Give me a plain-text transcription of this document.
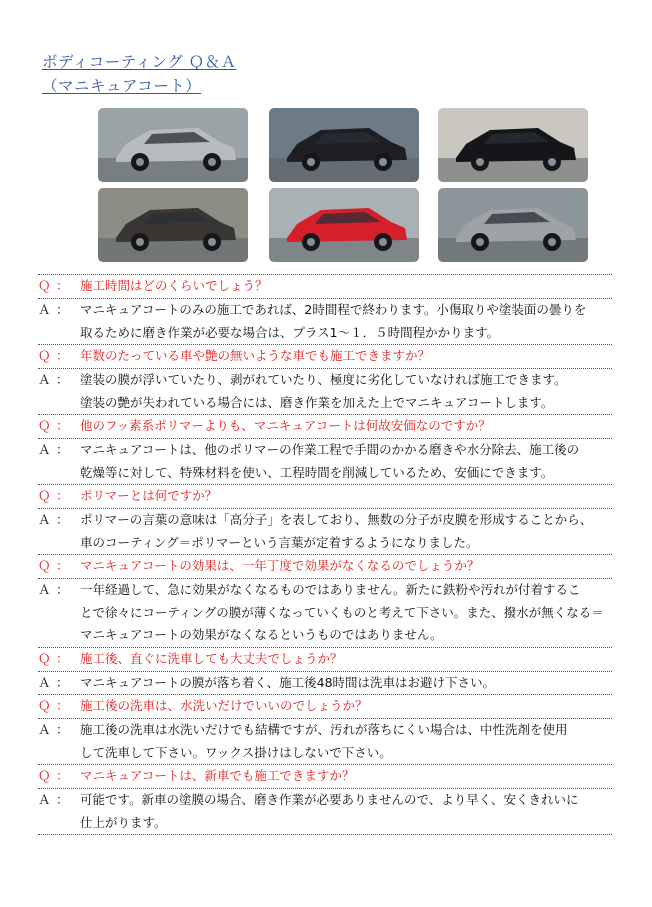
ボディコーティング Ｑ＆Ａ
（マニキュアコート）
Ｑ ： 施工時間はどのくらいでしょう？
Ａ ： マニキュアコートのみの施工であれば、2時間程で終わります。小傷取りや塗装面の曇りを
取るために磨き作業が必要な場合は、プラス1～１．５時間程かかります。
Ｑ ： 年数のたっている車や艶の無いような車でも施工できますか？
Ａ ： 塗装の膜が浮いていたり、剥がれていたり、極度に劣化していなければ施工できます。
塗装の艶が失われている場合には、磨き作業を加えた上でマニキュアコートします。
Ｑ ： 他のフッ素系ポリマーよりも、マニキュアコートは何故安価なのですか？
Ａ ： マニキュアコートは、他のポリマーの作業工程で手間のかかる磨きや水分除去、施工後の
乾燥等に対して、特殊材料を使い、工程時間を削減しているため、安価にできます。
Ｑ ： ポリマーとは何ですか？
Ａ ： ポリマーの言葉の意味は「高分子」を表しており、無数の分子が皮膜を形成することから、
車のコーティング＝ポリマーという言葉が定着するようになりました。
Ｑ ： マニキュアコートの効果は、一年丁度で効果がなくなるのでしょうか？
Ａ ： 一年経過して、急に効果がなくなるものではありません。新たに鉄粉や汚れが付着するこ
とで徐々にコーティングの膜が薄くなっていくものと考えて下さい。また、撥水が無くなる＝
マニキュアコートの効果がなくなるというものではありません。
Ｑ ： 施工後、直ぐに洗車しても大丈夫でしょうか？
Ａ ： マニキュアコートの膜が落ち着く、施工後48時間は洗車はお避け下さい。
Ｑ ： 施工後の洗車は、水洗いだけでいいのでしょうか？
Ａ ： 施工後の洗車は水洗いだけでも結構ですが、汚れが落ちにくい場合は、中性洗剤を使用
して洗車して下さい。ワックス掛けはしないで下さい。
Ｑ ： マニキュアコートは、新車でも施工できますか？
Ａ ： 可能です。新車の塗膜の場合、磨き作業が必要ありませんので、より早く、安くきれいに
仕上がります。
